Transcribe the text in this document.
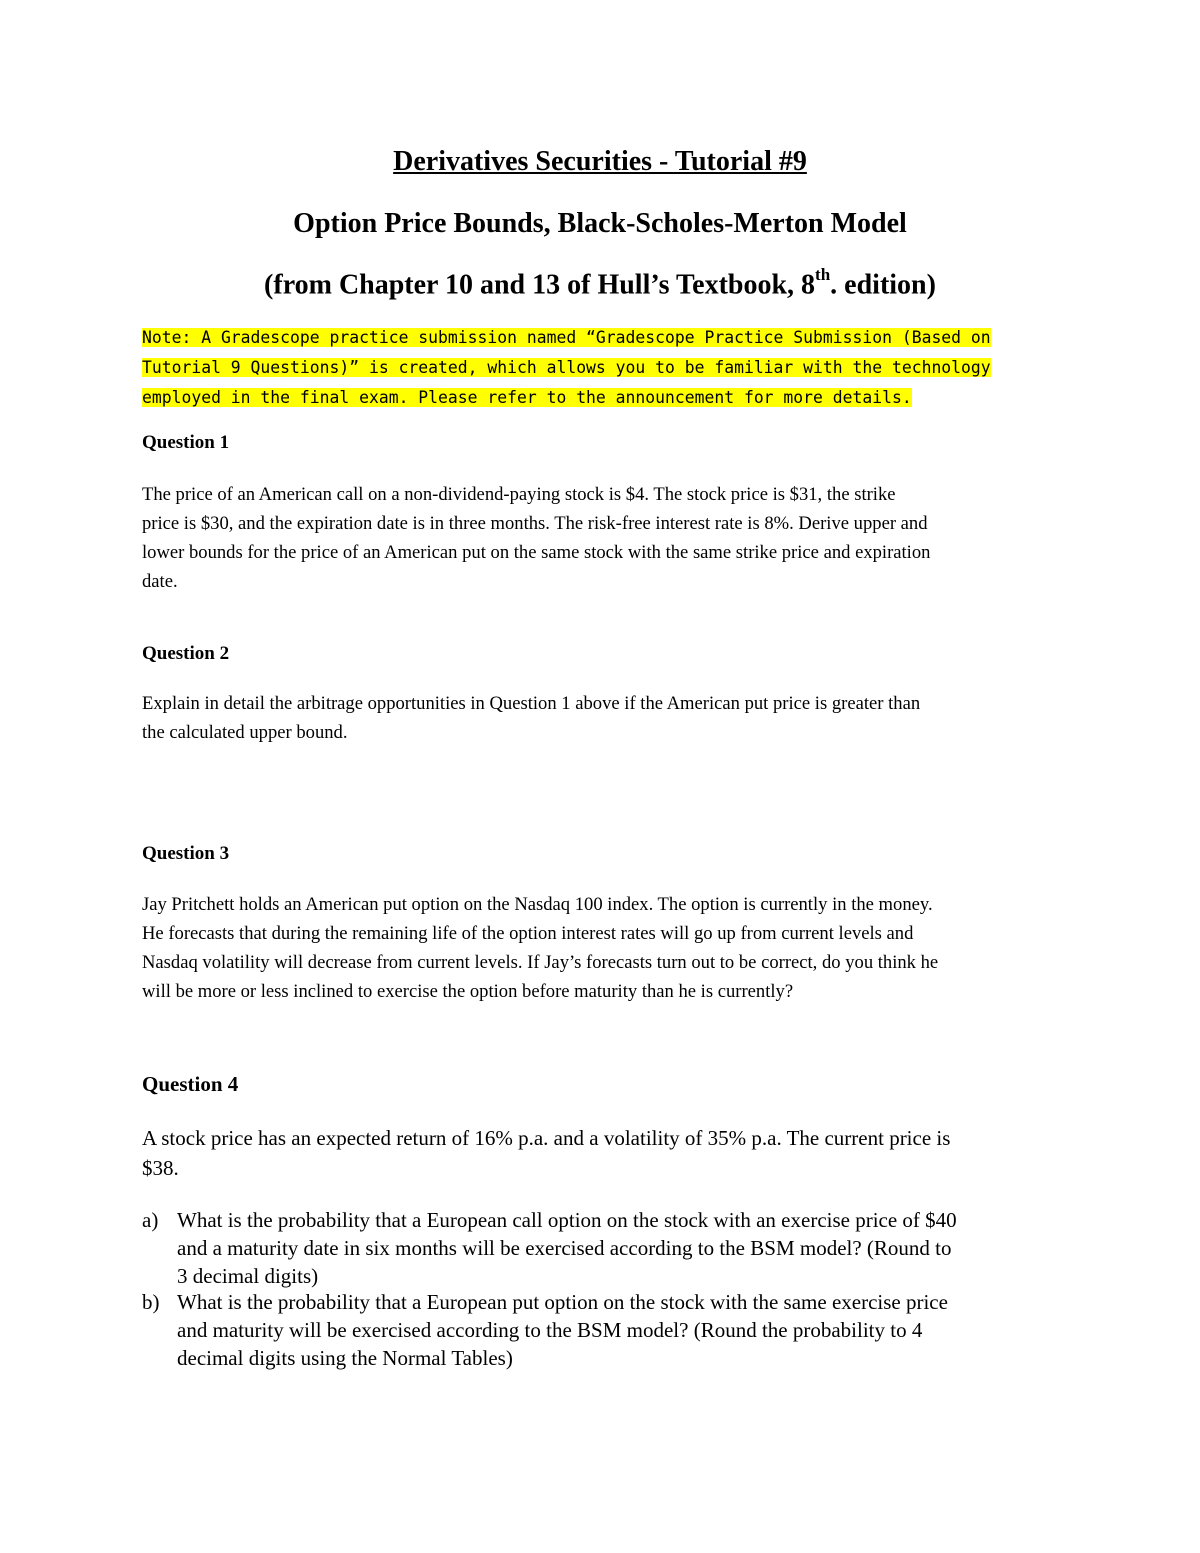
Derivatives Securities - Tutorial #9
Option Price Bounds, Black-Scholes-Merton Model
(from Chapter 10 and 13 of Hull’s Textbook, 8th. edition)
Note: A Gradescope practice submission named “Gradescope Practice Submission (Based on Tutorial 9 Questions)” is created, which allows you to be familiar with the technology employed in the final exam. Please refer to the announcement for more details.
Question 1
The price of an American call on a non-dividend-paying stock is $4. The stock price is $31, the strike
price is $30, and the expiration date is in three months. The risk-free interest rate is 8%. Derive upper and
lower bounds for the price of an American put on the same stock with the same strike price and expiration
date.
Question 2
Explain in detail the arbitrage opportunities in Question 1 above if the American put price is greater than
the calculated upper bound.
Question 3
Jay Pritchett holds an American put option on the Nasdaq 100 index. The option is currently in the money.
He forecasts that during the remaining life of the option interest rates will go up from current levels and
Nasdaq volatility will decrease from current levels. If Jay’s forecasts turn out to be correct, do you think he
will be more or less inclined to exercise the option before maturity than he is currently?
Question 4
A stock price has an expected return of 16% p.a. and a volatility of 35% p.a. The current price is
$38.
a) What is the probability that a European call option on the stock with an exercise price of $40
and a maturity date in six months will be exercised according to the BSM model? (Round to
3 decimal digits)
b) What is the probability that a European put option on the stock with the same exercise price
and maturity will be exercised according to the BSM model? (Round the probability to 4
decimal digits using the Normal Tables)
